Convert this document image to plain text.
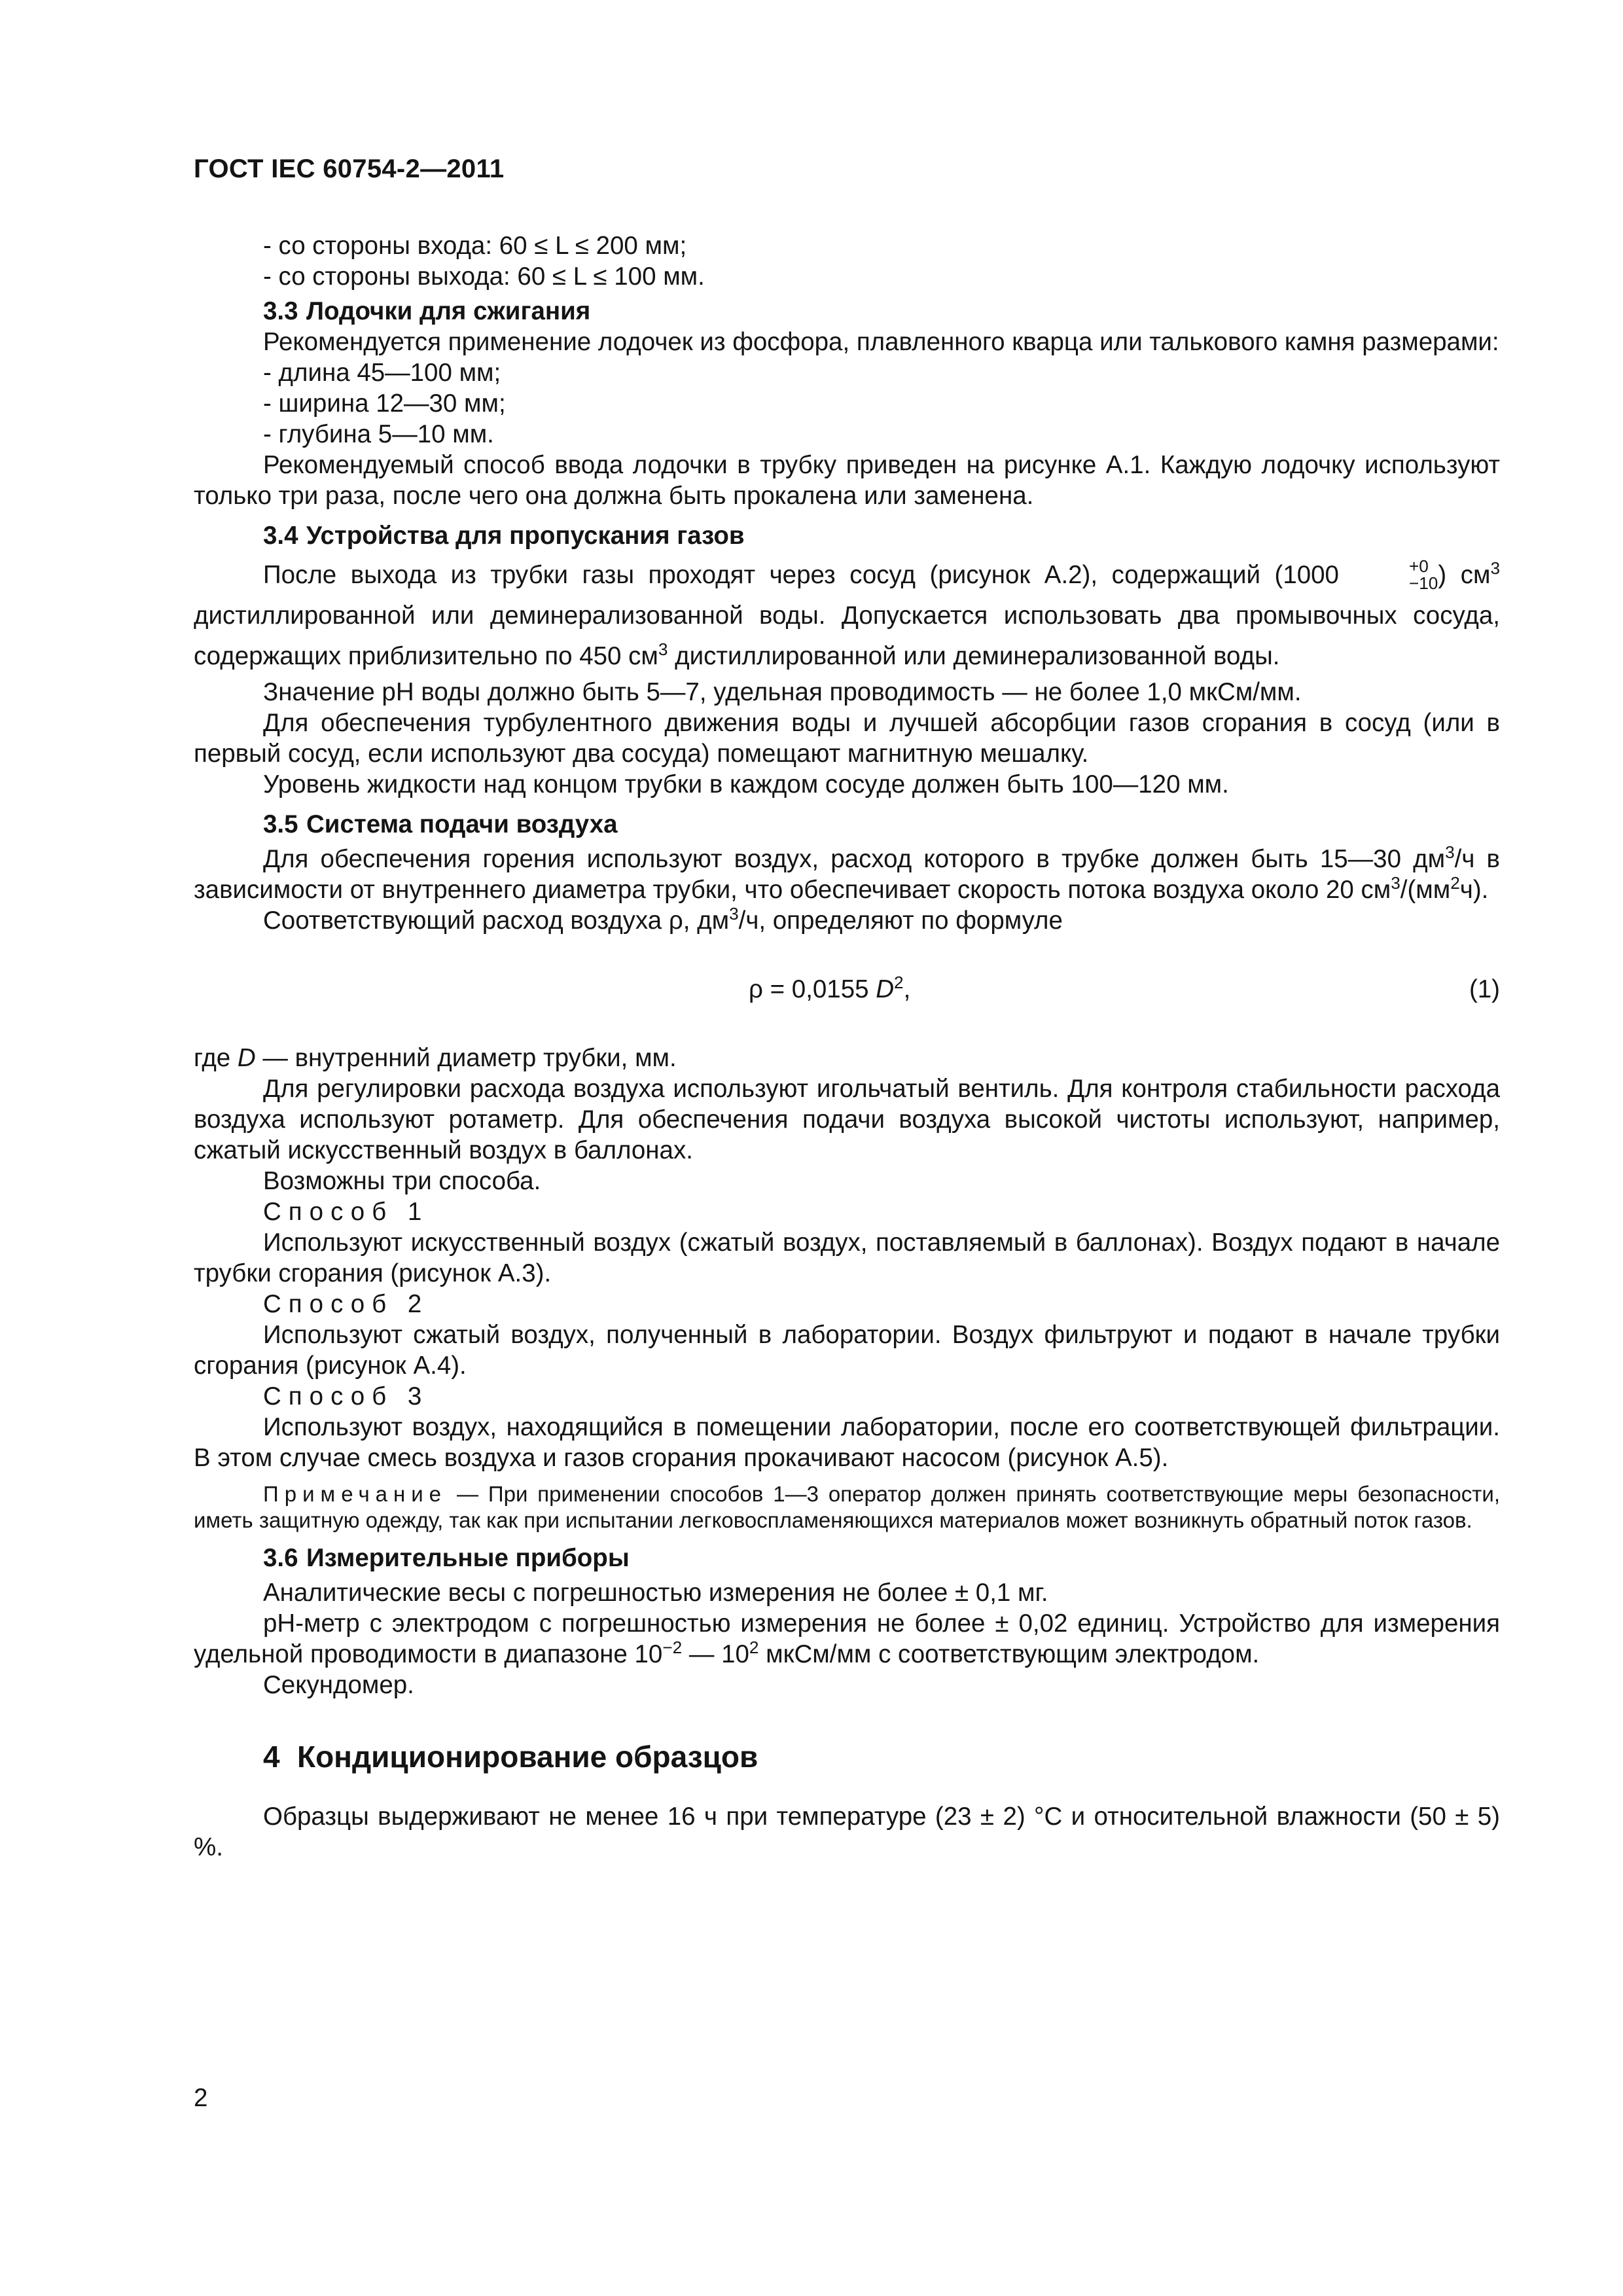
ГОСТ IEC 60754-2—2011

- со стороны входа: 60 ≤ L ≤ 200 мм;

- со стороны выхода: 60 ≤ L ≤ 100 мм.

3.3 Лодочки для сжигания

Рекомендуется применение лодочек из фосфора, плавленного кварца или талькового камня размерами:

- длина 45—100 мм;

- ширина 12—30 мм;

- глубина 5—10 мм.

Рекомендуемый способ ввода лодочки в трубку приведен на рисунке А.1. Каждую лодочку используют только три раза, после чего она должна быть прокалена или заменена.

3.4 Устройства для пропускания газов

После выхода из трубки газы проходят через сосуд (рисунок А.2), содержащий (1000	+0
−10 ) $см^3$ дистиллированной или деминерализованной воды. Допускается использовать два промывочных сосуда, содержащих приблизительно по 450 $см^3$ дистиллированной или деминерализованной воды.

Значение pH воды должно быть 5—7, удельная проводимость — не более 1,0 мкСм/мм.

Для обеспечения турбулентного движения воды и лучшей абсорбции газов сгорания в сосуд (или в первый сосуд, если используют два сосуда) помещают магнитную мешалку.

Уровень жидкости над концом трубки в каждом сосуде должен быть 100—120 мм.

3.5 Система подачи воздуха

Для обеспечения горения используют воздух, расход которого в трубке должен быть 15—30 $дм^3/ч$ в зависимости от внутреннего диаметра трубки, что обеспечивает скорость потока воздуха около 20 $см^3/(мм^2ч)$.

Соответствующий расход воздуха ρ, $дм^3/ч$, определяют по формуле

ρ = 0,0155 $D^2$,	(1)

где D — внутренний диаметр трубки, мм.

Для регулировки расхода воздуха используют игольчатый вентиль. Для контроля стабильности расхода воздуха используют ротаметр. Для обеспечения подачи воздуха высокой чистоты используют, например, сжатый искусственный воздух в баллонах.

Возможны три способа.

Способ 1

Используют искусственный воздух (сжатый воздух, поставляемый в баллонах). Воздух подают в начале трубки сгорания (рисунок А.3).

Способ 2

Используют сжатый воздух, полученный в лаборатории. Воздух фильтруют и подают в начале трубки сгорания (рисунок А.4).

Способ 3

Используют воздух, находящийся в помещении лаборатории, после его соответствующей фильтрации. В этом случае смесь воздуха и газов сгорания прокачивают насосом (рисунок А.5).

Примечание — При применении способов 1—3 оператор должен принять соответствующие меры безопасности, иметь защитную одежду, так как при испытании легковоспламеняющихся материалов может возникнуть обратный поток газов.

3.6 Измерительные приборы

Аналитические весы с погрешностью измерения не более ± 0,1 мг.

pH-метр с электродом с погрешностью измерения не более ± 0,02 единиц. Устройство для измерения удельной проводимости в диапазоне $10^{-2}$ — $10^2$ мкСм/мм с соответствующим электродом.

Секундомер.

4 Кондиционирование образцов

Образцы выдерживают не менее 16 ч при температуре (23 ± 2) °С и относительной влажности (50 ± 5) %.

2
